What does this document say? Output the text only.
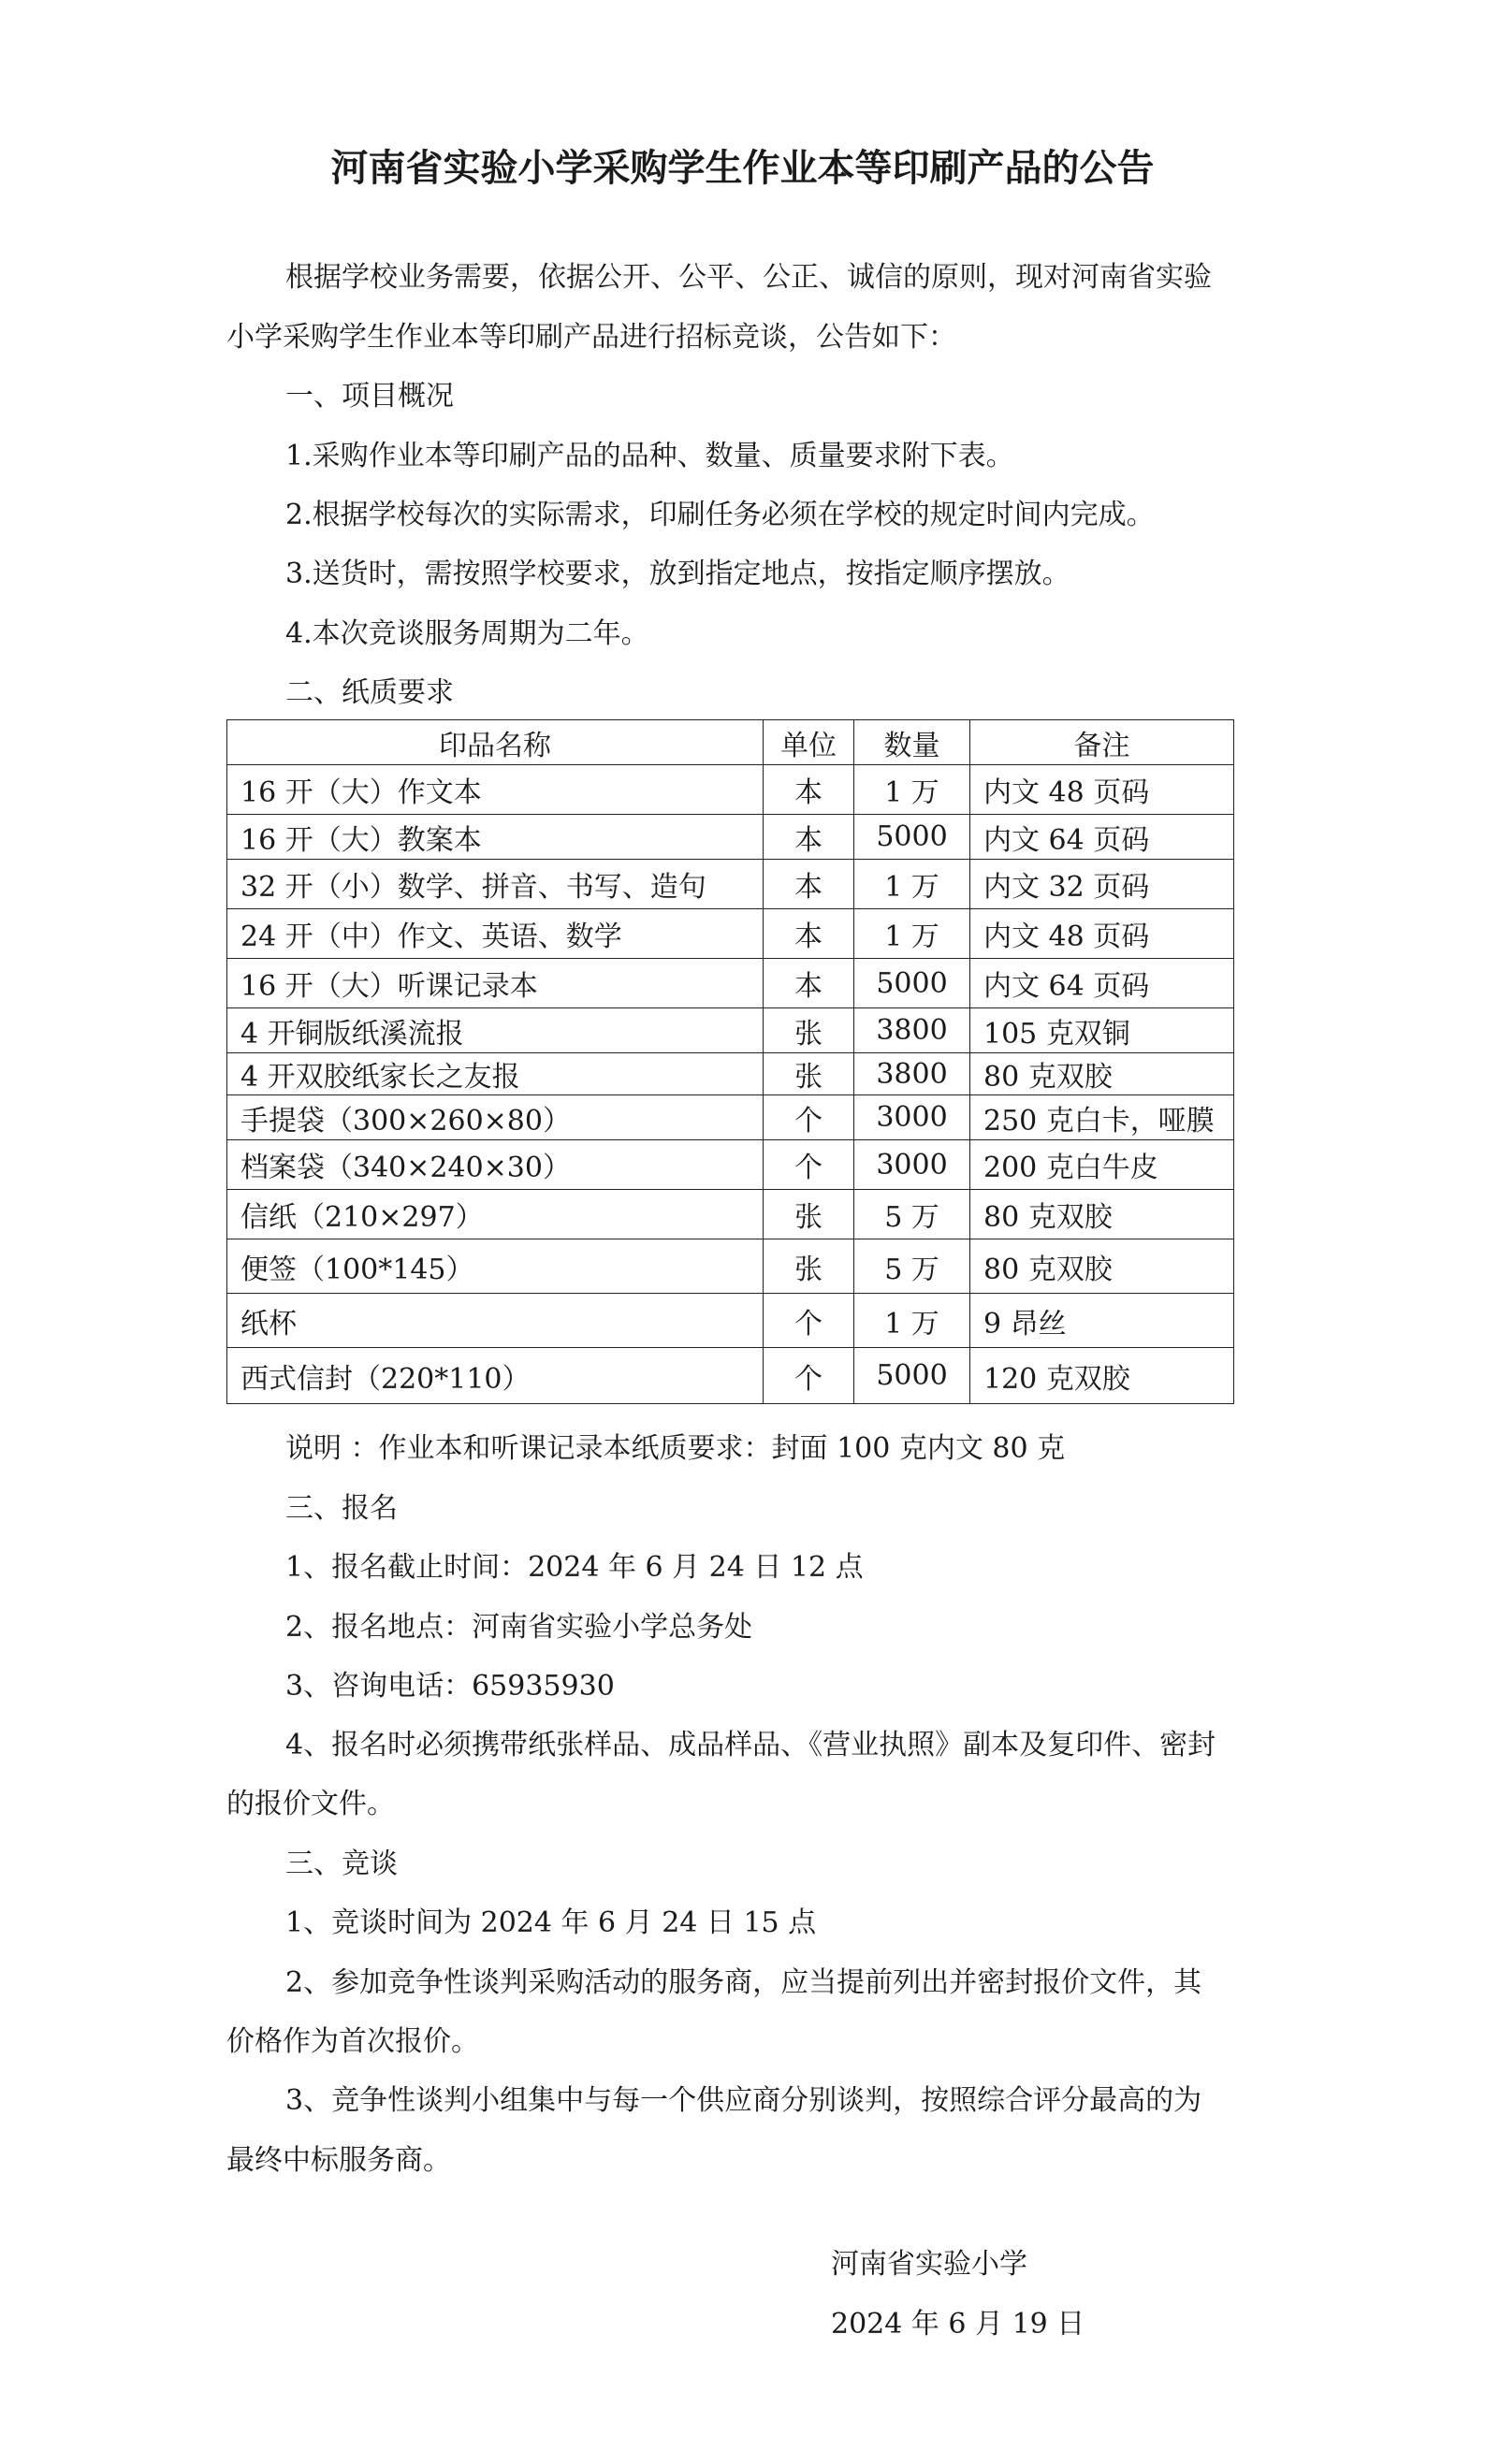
河南省实验小学采购学生作业本等印刷产品的公告
根据学校业务需要，依据公开、公平、公正、诚信的原则，现对河南省实验
小学采购学生作业本等印刷产品进行招标竞谈，公告如下：
一、项目概况
1.采购作业本等印刷产品的品种、数量、质量要求附下表。
2.根据学校每次的实际需求，印刷任务必须在学校的规定时间内完成。
3.送货时，需按照学校要求，放到指定地点，按指定顺序摆放。
4.本次竞谈服务周期为二年。
二、纸质要求
印品名称	单位	数量	备注
16 开（大）作文本	本	1 万	内文 48 页码
16 开（大）教案本	本	5000	内文 64 页码
32 开（小）数学、拼音、书写、造句	本	1 万	内文 32 页码
24 开（中）作文、英语、数学	本	1 万	内文 48 页码
16 开（大）听课记录本	本	5000	内文 64 页码
4 开铜版纸溪流报	张	3800	105 克双铜
4 开双胶纸家长之友报	张	3800	80 克双胶
手提袋（300×260×80）	个	3000	250 克白卡，哑膜
档案袋（340×240×30）	个	3000	200 克白牛皮
信纸（210×297）	张	5 万	80 克双胶
便签（100*145）	张	5 万	80 克双胶
纸杯	个	1 万	9 昂丝
西式信封（220*110）	个	5000	120 克双胶
说明 ：作业本和听课记录本纸质要求：封面 100 克内文 80 克
三、报名
1、报名截止时间：2024 年 6 月 24 日 12 点
2、报名地点：河南省实验小学总务处
3、咨询电话：65935930
4、报名时必须携带纸张样品、成品样品、《营业执照》副本及复印件、密封
的报价文件。
三、竞谈
1、竞谈时间为 2024 年 6 月 24 日 15 点
2、参加竞争性谈判采购活动的服务商，应当提前列出并密封报价文件，其
价格作为首次报价。
3、竞争性谈判小组集中与每一个供应商分别谈判，按照综合评分最高的为
最终中标服务商。
河南省实验小学
2024 年 6 月 19 日
